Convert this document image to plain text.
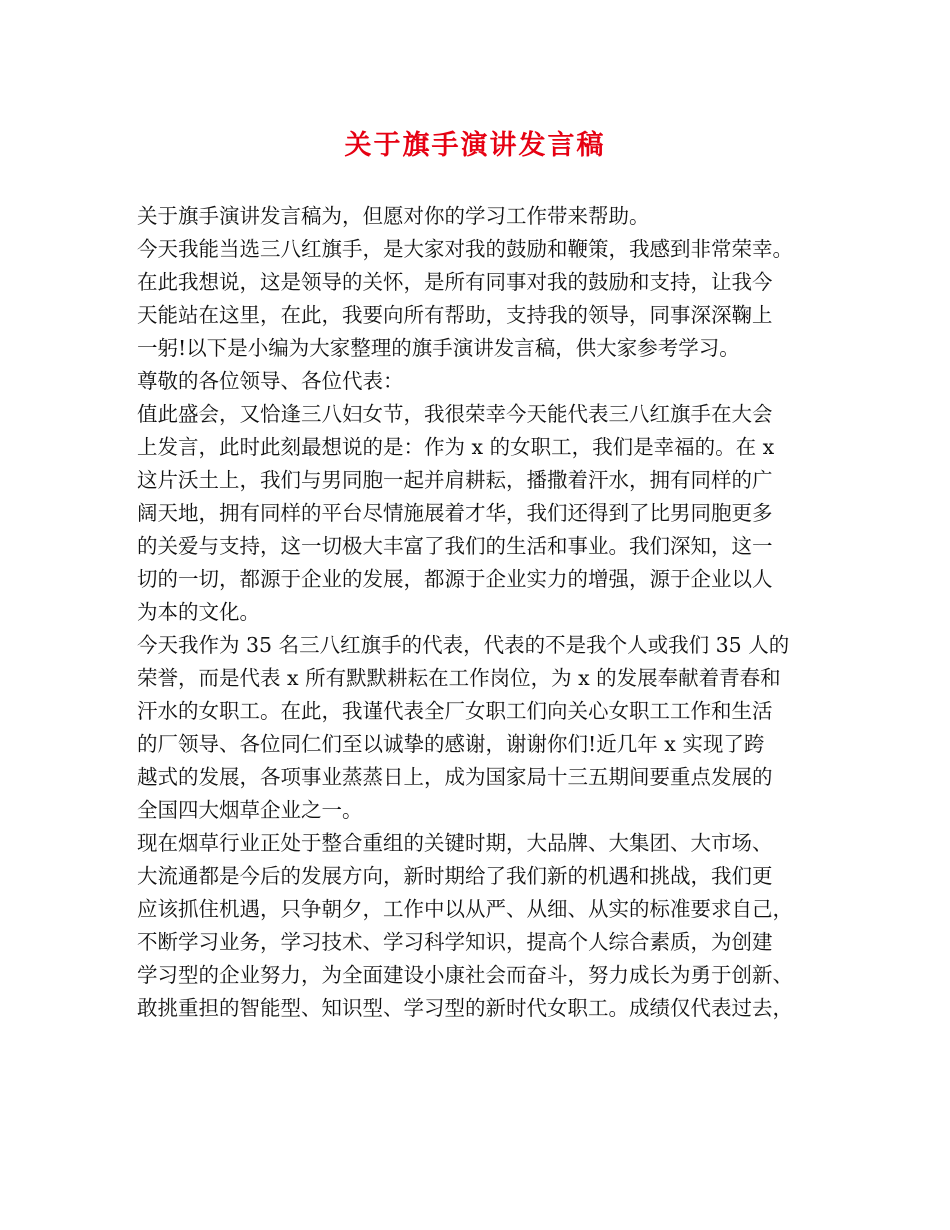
关于旗手演讲发言稿
关于旗手演讲发言稿为，但愿对你的学习工作带来帮助。
今天我能当选三八红旗手，是大家对我的鼓励和鞭策，我感到非常荣幸。
在此我想说，这是领导的关怀，是所有同事对我的鼓励和支持，让我今
天能站在这里，在此，我要向所有帮助，支持我的领导，同事深深鞠上
一躬!以下是小编为大家整理的旗手演讲发言稿，供大家参考学习。
尊敬的各位领导、各位代表：
值此盛会，又恰逢三八妇女节，我很荣幸今天能代表三八红旗手在大会
上发言，此时此刻最想说的是：作为 x 的女职工，我们是幸福的。在 x
这片沃土上，我们与男同胞一起并肩耕耘，播撒着汗水，拥有同样的广
阔天地，拥有同样的平台尽情施展着才华，我们还得到了比男同胞更多
的关爱与支持，这一切极大丰富了我们的生活和事业。我们深知，这一
切的一切，都源于企业的发展，都源于企业实力的增强，源于企业以人
为本的文化。
今天我作为 35 名三八红旗手的代表，代表的不是我个人或我们 35 人的
荣誉，而是代表 x 所有默默耕耘在工作岗位，为 x 的发展奉献着青春和
汗水的女职工。在此，我谨代表全厂女职工们向关心女职工工作和生活
的厂领导、各位同仁们至以诚挚的感谢，谢谢你们!近几年 x 实现了跨
越式的发展，各项事业蒸蒸日上，成为国家局十三五期间要重点发展的
全国四大烟草企业之一。
现在烟草行业正处于整合重组的关键时期，大品牌、大集团、大市场、
大流通都是今后的发展方向，新时期给了我们新的机遇和挑战，我们更
应该抓住机遇，只争朝夕，工作中以从严、从细、从实的标准要求自己，
不断学习业务，学习技术、学习科学知识，提高个人综合素质，为创建
学习型的企业努力，为全面建设小康社会而奋斗，努力成长为勇于创新、
敢挑重担的智能型、知识型、学习型的新时代女职工。成绩仅代表过去，
